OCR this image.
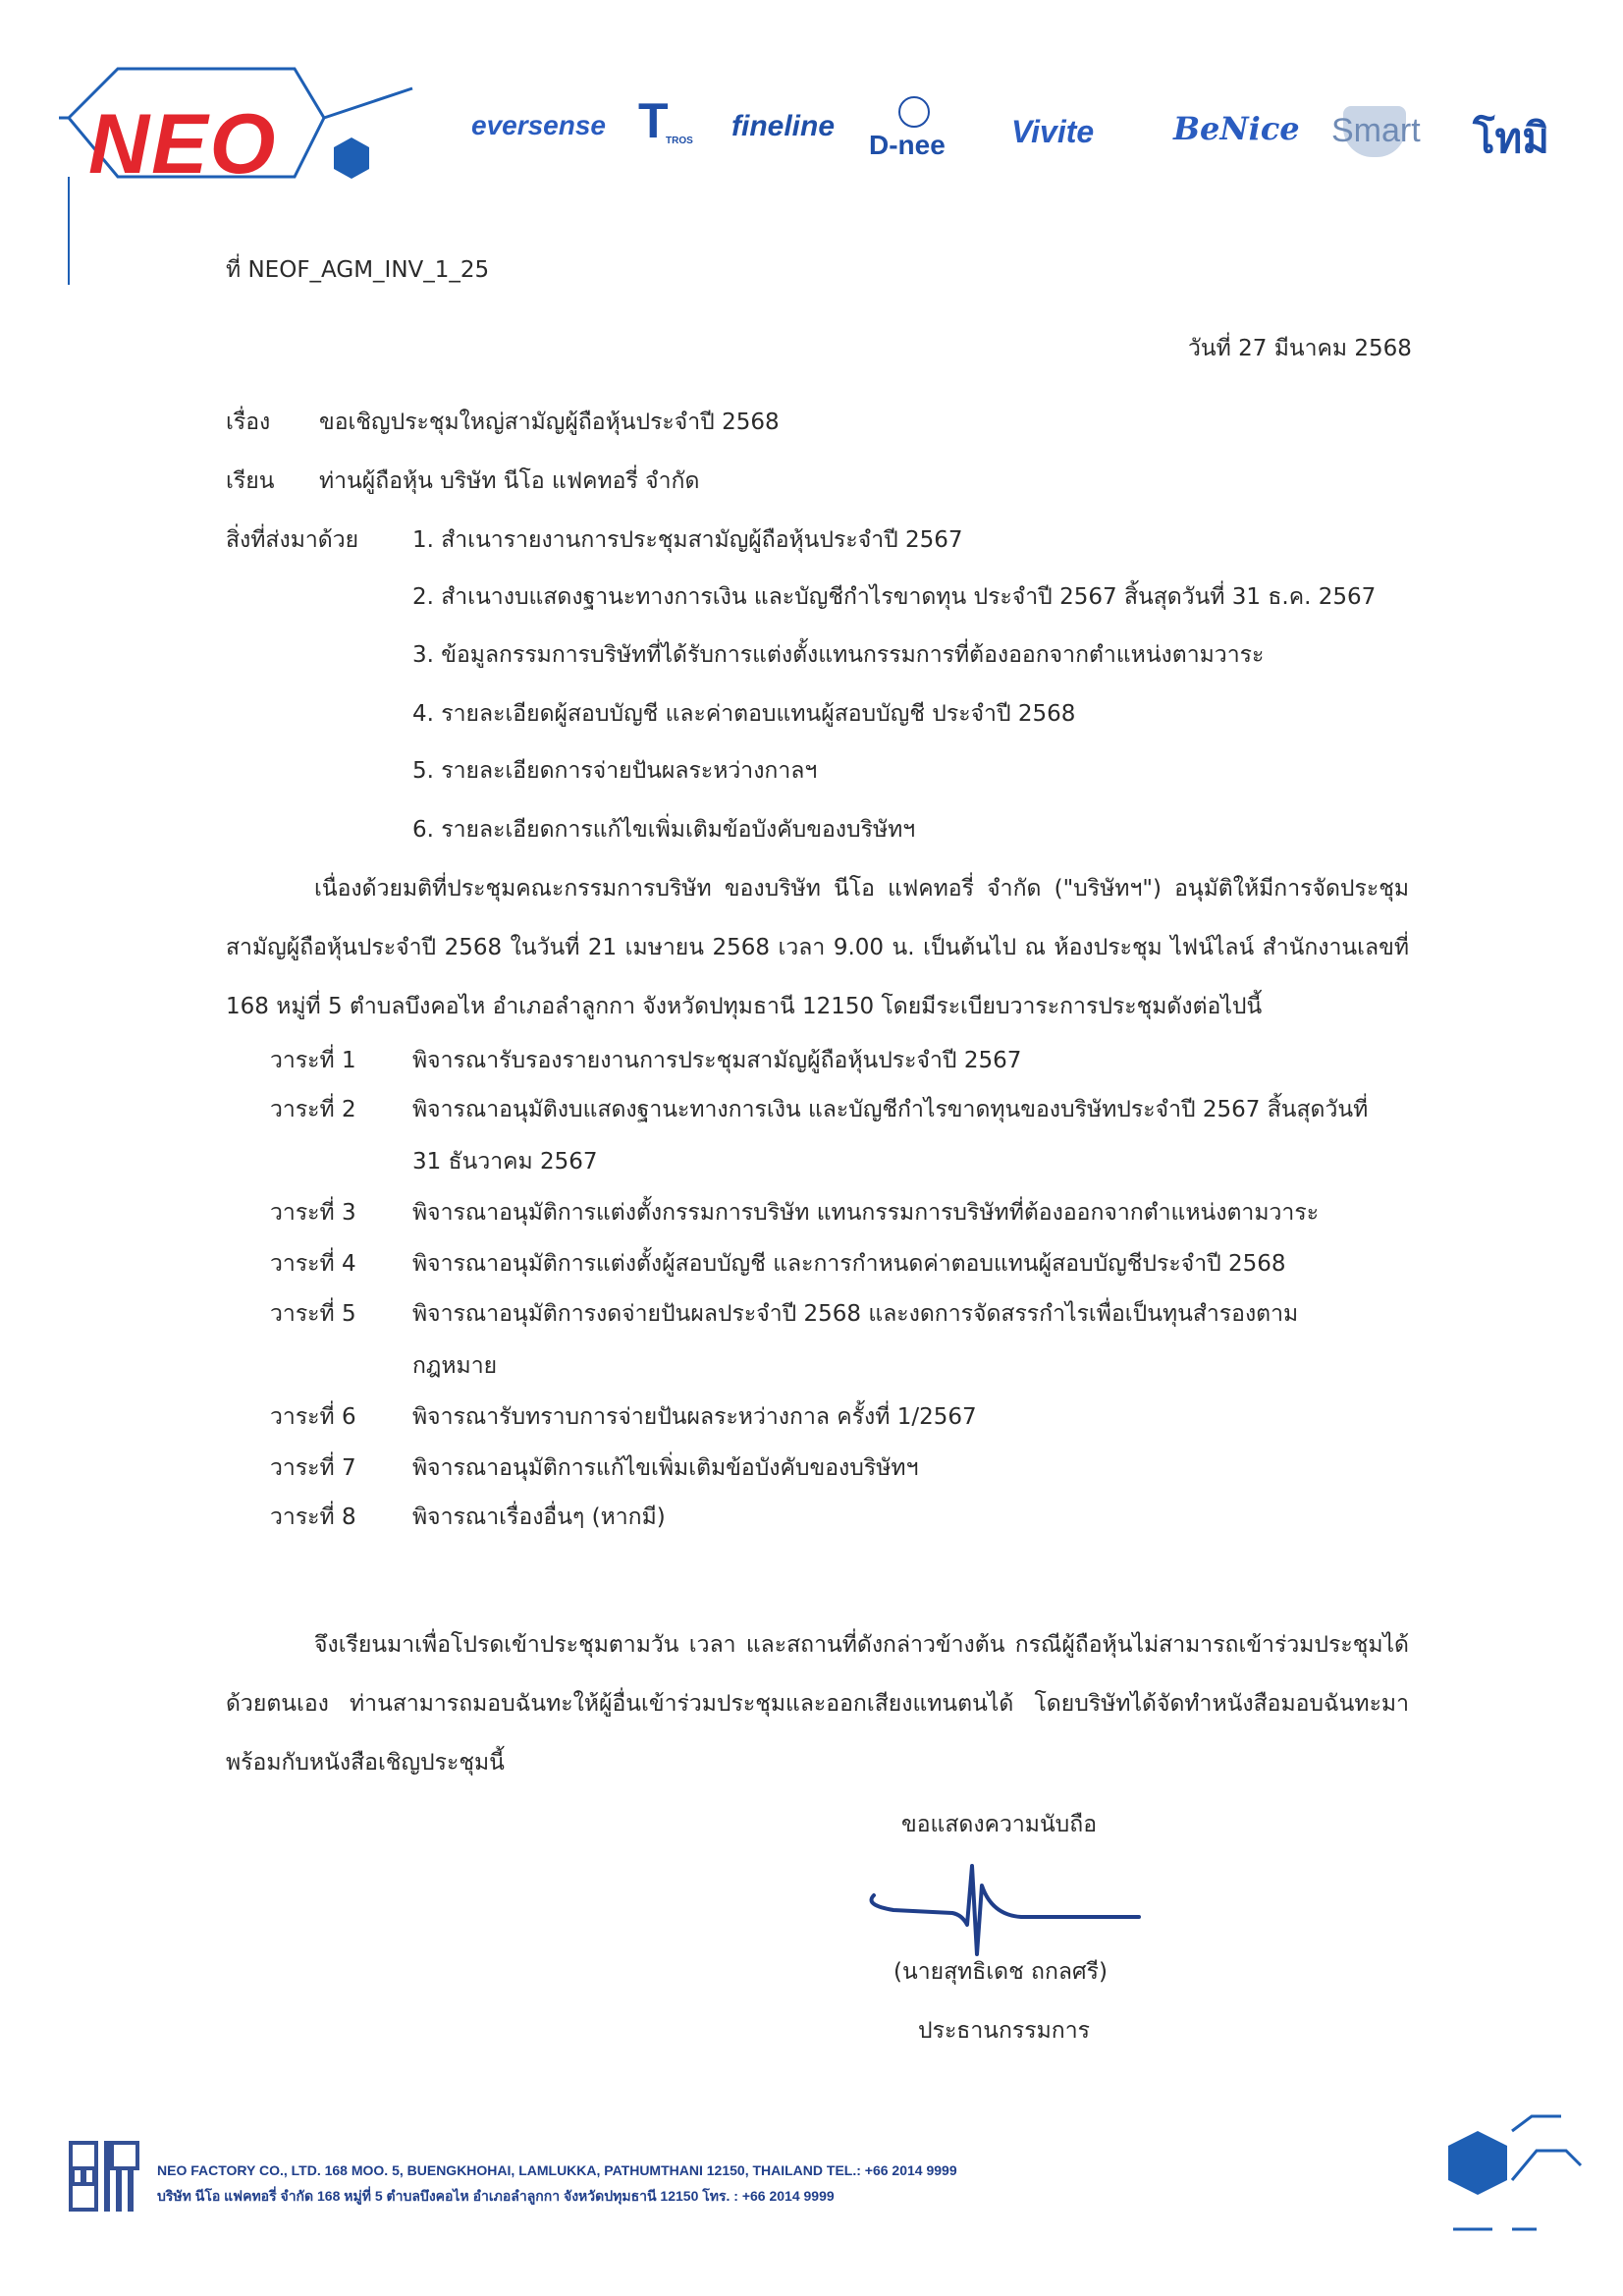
NEO	eversense T
TROS fineline
D-nee Vivite	BeNice Smart โทมิ
ที่ NEOF_AGM_INV_1_25
วันที่ 27 มีนาคม 2568
เรื่อง ขอเชิญประชุมใหญ่สามัญผู้ถือหุ้นประจำปี 2568
เรียน ท่านผู้ถือหุ้น บริษัท นีโอ แฟคทอรี่ จำกัด
สิ่งที่ส่งมาด้วย 1. สำเนารายงานการประชุมสามัญผู้ถือหุ้นประจำปี 2567
2. สำเนางบแสดงฐานะทางการเงิน และบัญชีกำไรขาดทุน ประจำปี 2567 สิ้นสุดวันที่ 31 ธ.ค. 2567
3. ข้อมูลกรรมการบริษัทที่ได้รับการแต่งตั้งแทนกรรมการที่ต้องออกจากตำแหน่งตามวาระ
4. รายละเอียดผู้สอบบัญชี และค่าตอบแทนผู้สอบบัญชี ประจำปี 2568
5. รายละเอียดการจ่ายปันผลระหว่างกาลฯ
6. รายละเอียดการแก้ไขเพิ่มเติมข้อบังคับของบริษัทฯ
เนื่องด้วยมติที่ประชุมคณะกรรมการบริษัท ของบริษัท นีโอ แฟคทอรี่ จำกัด ("บริษัทฯ") อนุมัติให้มีการจัดประชุมสามัญผู้ถือหุ้นประจำปี 2568 ในวันที่ 21 เมษายน 2568 เวลา 9.00 น. เป็นต้นไป ณ ห้องประชุม ไฟน์ไลน์ สำนักงานเลขที่ 168 หมู่ที่ 5 ตำบลบึงคอไห อำเภอลำลูกกา จังหวัดปทุมธานี 12150 โดยมีระเบียบวาระการประชุมดังต่อไปนี้
วาระที่ 1 พิจารณารับรองรายงานการประชุมสามัญผู้ถือหุ้นประจำปี 2567
วาระที่ 2 พิจารณาอนุมัติงบแสดงฐานะทางการเงิน และบัญชีกำไรขาดทุนของบริษัทประจำปี 2567 สิ้นสุดวันที่
31 ธันวาคม 2567
วาระที่ 3 พิจารณาอนุมัติการแต่งตั้งกรรมการบริษัท แทนกรรมการบริษัทที่ต้องออกจากตำแหน่งตามวาระ
วาระที่ 4 พิจารณาอนุมัติการแต่งตั้งผู้สอบบัญชี และการกำหนดค่าตอบแทนผู้สอบบัญชีประจำปี 2568
วาระที่ 5 พิจารณาอนุมัติการงดจ่ายปันผลประจำปี 2568 และงดการจัดสรรกำไรเพื่อเป็นทุนสำรองตาม
กฎหมาย
วาระที่ 6 พิจารณารับทราบการจ่ายปันผลระหว่างกาล ครั้งที่ 1/2567
วาระที่ 7 พิจารณาอนุมัติการแก้ไขเพิ่มเติมข้อบังคับของบริษัทฯ
วาระที่ 8 พิจารณาเรื่องอื่นๆ (หากมี)
จึงเรียนมาเพื่อโปรดเข้าประชุมตามวัน เวลา และสถานที่ดังกล่าวข้างต้น กรณีผู้ถือหุ้นไม่สามารถเข้าร่วมประชุมได้ด้วยตนเอง ท่านสามารถมอบฉันทะให้ผู้อื่นเข้าร่วมประชุมและออกเสียงแทนตนได้ โดยบริษัทได้จัดทำหนังสือมอบฉันทะมาพร้อมกับหนังสือเชิญประชุมนี้
ขอแสดงความนับถือ
(นายสุทธิเดช ถกลศรี)
ประธานกรรมการ
NEO FACTORY CO., LTD. 168 MOO. 5, BUENGKHOHAI, LAMLUKKA, PATHUMTHANI 12150, THAILAND TEL.: +66 2014 9999
บริษัท นีโอ แฟคทอรี่ จำกัด 168 หมู่ที่ 5 ตำบลบึงคอไห อำเภอลำลูกกา จังหวัดปทุมธานี 12150 โทร. : +66 2014 9999
